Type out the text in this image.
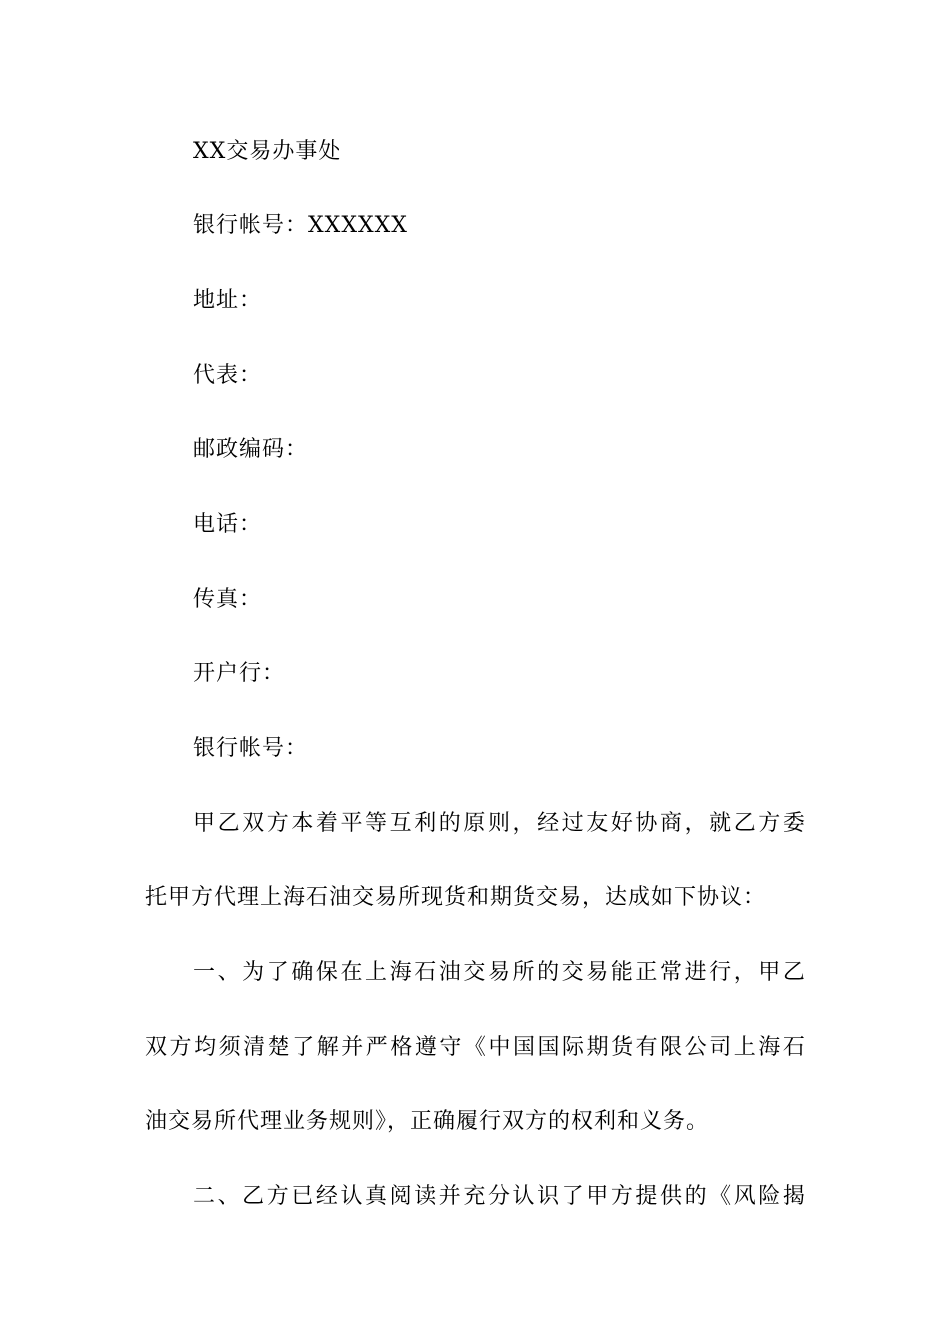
XX交易办事处
银行帐号：XXXXXX
地址：
代表：
邮政编码：
电话：
传真：
开户行：
银行帐号：
甲 乙 双 方 本 着 平 等 互 利 的 原 则 ， 经 过 友 好 协 商 ， 就 乙 方 委
托甲方代理上海石油交易所现货和期货交易，达成如下协议：
一 、 为 了 确 保 在 上 海 石 油 交 易 所 的 交 易 能 正 常 进 行 ， 甲 乙
双 方 均 须 清 楚 了 解 并 严 格 遵 守 《 中 国 国 际 期 货 有 限 公 司 上 海 石
油交易所代理业务规则》，正确履行双方的权利和义务。
二 、 乙 方 已 经 认 真 阅 读 并 充 分 认 识 了 甲 方 提 供 的 《 风 险 揭
